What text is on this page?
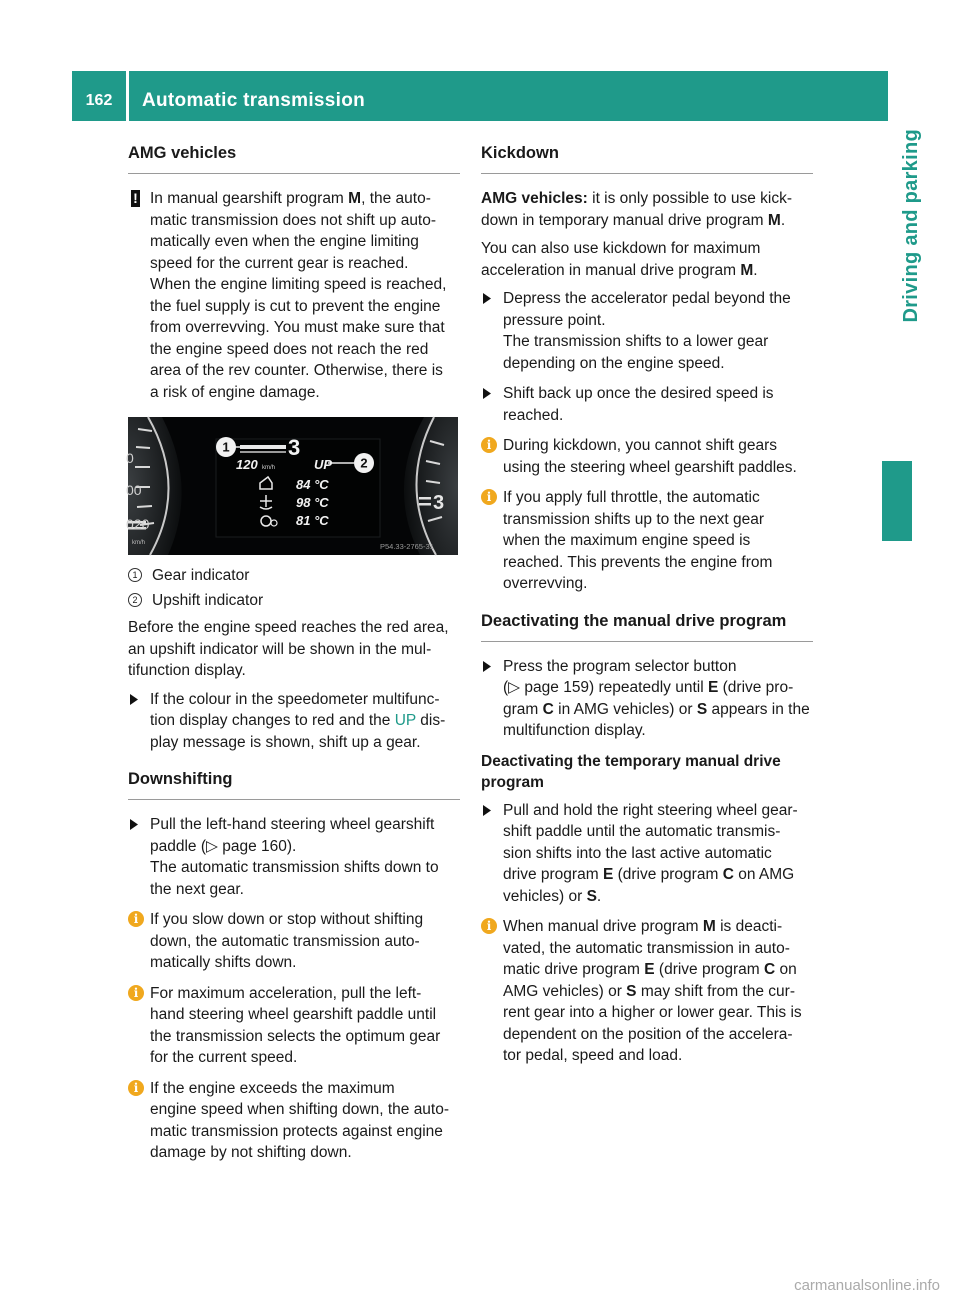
162	Automatic transmission
Driving and parking
AMG vehicles
! In manual gearshift program M, the auto-
matic transmission does not shift up auto-
matically even when the engine limiting
speed for the current gear is reached.
When the engine limiting speed is reached,
the fuel supply is cut to prevent the engine
from overrevving. You must make sure that
the engine speed does not reach the red
area of the rev counter. Otherwise, there is
a risk of engine damage.
1
2
3
120 km/h	UP
84 °C
98 °C
81 °C
0
00
020
km/h
3
P54.33-2765-31
1 Gear indicator
2 Upshift indicator

Before the engine speed reaches the red area,
an upshift indicator will be shown in the mul-
tifunction display.

If the colour in the speedometer multifunc-
tion display changes to red and the UP dis-
play message is shown, shift up a gear.
Downshifting
Pull the left-hand steering wheel gearshift
paddle (▷ page 160).
The automatic transmission shifts down to
the next gear.
i If you slow down or stop without shifting
down, the automatic transmission auto-
matically shifts down.
i For maximum acceleration, pull the left-
hand steering wheel gearshift paddle until
the transmission selects the optimum gear
for the current speed.
i If the engine exceeds the maximum
engine speed when shifting down, the auto-
matic transmission protects against engine
damage by not shifting down.
Kickdown

AMG vehicles: it is only possible to use kick-
down in temporary manual drive program M.

You can also use kickdown for maximum
acceleration in manual drive program M.

Depress the accelerator pedal beyond the
pressure point.
The transmission shifts to a lower gear
depending on the engine speed.
Shift back up once the desired speed is
reached.
i During kickdown, you cannot shift gears
using the steering wheel gearshift paddles.
i If you apply full throttle, the automatic
transmission shifts up to the next gear
when the maximum engine speed is
reached. This prevents the engine from
overrevving.
Deactivating the manual drive program
Press the program selector button
(▷ page 159) repeatedly until E (drive pro-
gram C in AMG vehicles) or S appears in the
multifunction display.
Deactivating the temporary manual drive
program
Pull and hold the right steering wheel gear-
shift paddle until the automatic transmis-
sion shifts into the last active automatic
drive program E (drive program C on AMG
vehicles) or S.
i When manual drive program M is deacti-
vated, the automatic transmission in auto-
matic drive program E (drive program C on
AMG vehicles) or S may shift from the cur-
rent gear into a higher or lower gear. This is
dependent on the position of the accelera-
tor pedal, speed and load.
carmanualsonline.info
